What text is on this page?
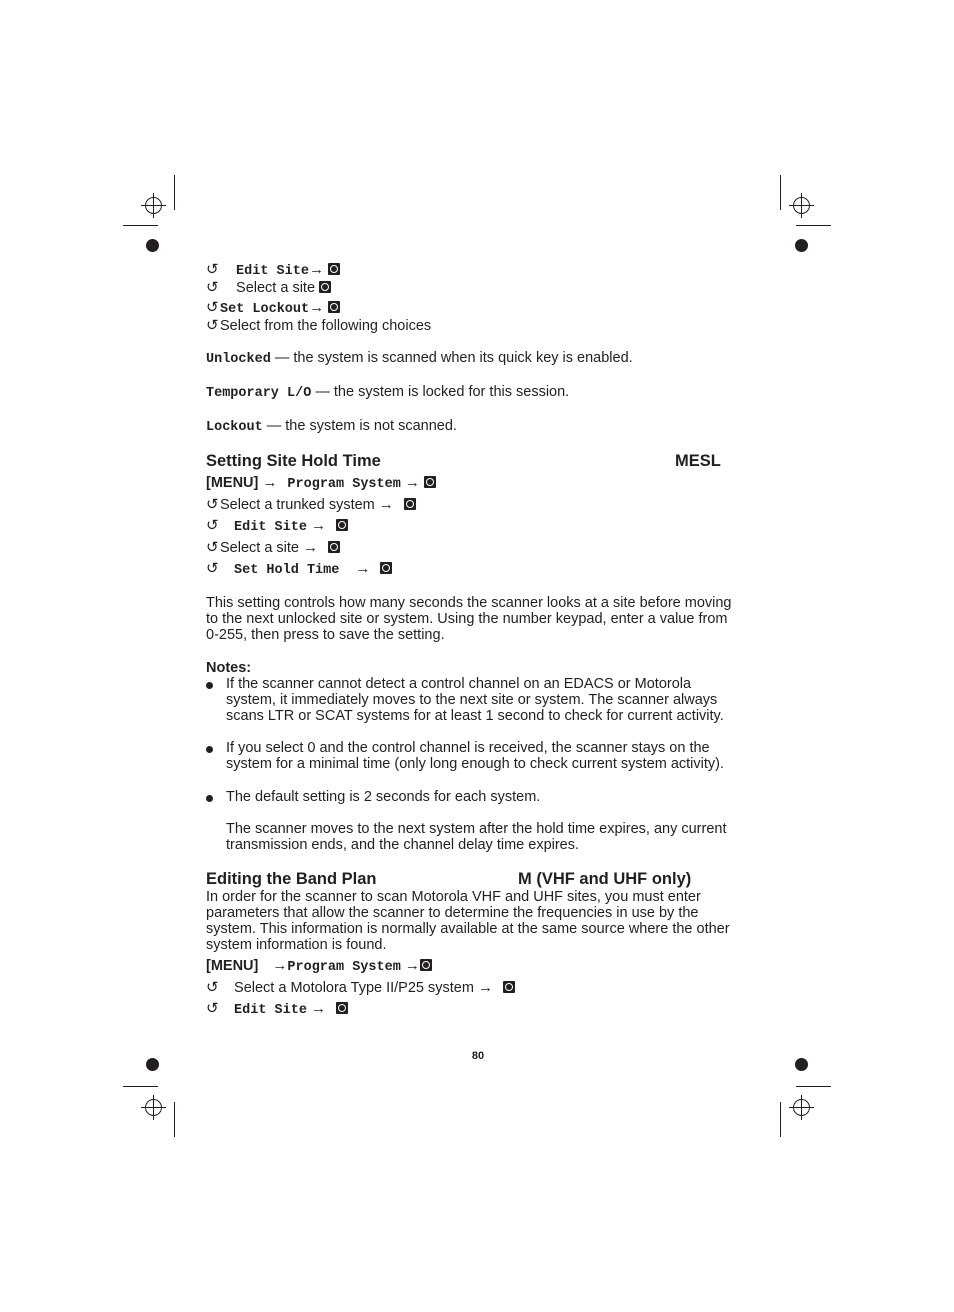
↺ Edit Site→
↺ Select a site
↺Set Lockout→
↺Select from the following choices
Unlocked — the system is scanned when its quick key is enabled.
Temporary L/O — the system is locked for this session.
Lockout — the system is not scanned.
Setting Site Hold Time	MESL
[MENU] → Program System →
↺Select a trunked system →
↺ Edit Site →
↺Select a site →
↺ Set Hold Time →
This setting controls how many seconds the scanner looks at a site before moving to the next unlocked site or system. Using the number keypad, enter a value from 0-255, then press to save the setting.
Notes:
If the scanner cannot detect a control channel on an EDACS or Motorola system, it immediately moves to the next site or system. The scanner always scans LTR or SCAT systems for at least 1 second to check for current activity.
If you select 0 and the control channel is received, the scanner stays on the system for a minimal time (only long enough to check current system activity).
The default setting is 2 seconds for each system.
The scanner moves to the next system after the hold time expires, any current transmission ends, and the channel delay time expires.
Editing the Band Plan	M (VHF and UHF only)
In order for the scanner to scan Motorola VHF and UHF sites, you must enter parameters that allow the scanner to determine the frequencies in use by the system. This information is normally available at the same source where the other system information is found.
[MENU] →Program System →
↺ Select a Motolora Type II/P25 system →
↺ Edit Site →
80
